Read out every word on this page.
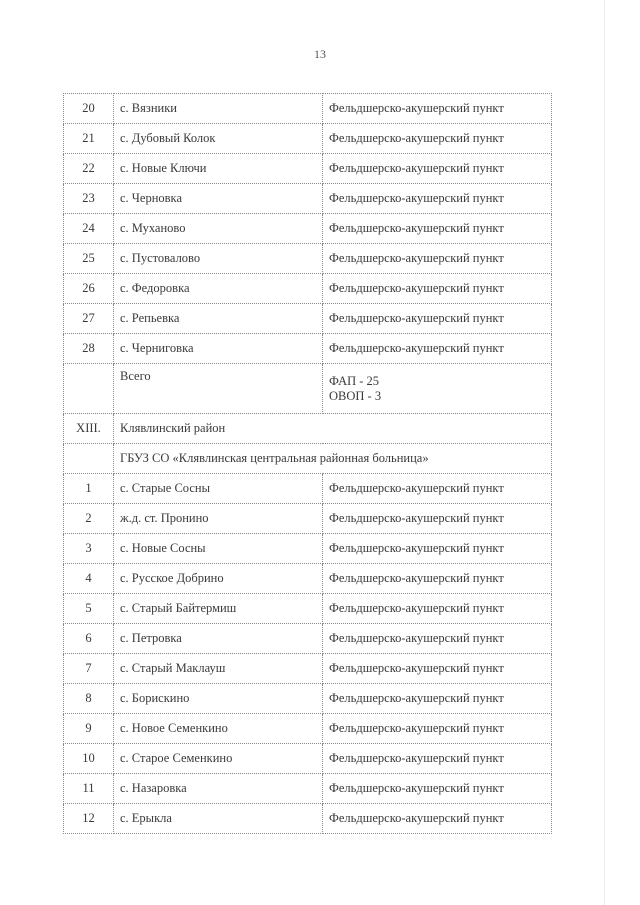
13
20	с. Вязники	Фельдшерско-акушерский пункт
21	с. Дубовый Колок	Фельдшерско-акушерский пункт
22	с. Новые Ключи	Фельдшерско-акушерский пункт
23	с. Черновка	Фельдшерско-акушерский пункт
24	с. Муханово	Фельдшерско-акушерский пункт
25	с. Пустовалово	Фельдшерско-акушерский пункт
26	с. Федоровка	Фельдшерско-акушерский пункт
27	с. Репьевка	Фельдшерско-акушерский пункт
28	с. Черниговка	Фельдшерско-акушерский пункт
	Всего	ФАП - 25
ОВОП - 3

XIII.	Клявлинский район	
	ГБУЗ СО «Клявлинская центральная районная больница»	
1	с. Старые Сосны	Фельдшерско-акушерский пункт
2	ж.д. ст. Пронино	Фельдшерско-акушерский пункт
3	с. Новые Сосны	Фельдшерско-акушерский пункт
4	с. Русское Добрино	Фельдшерско-акушерский пункт
5	с. Старый Байтермиш	Фельдшерско-акушерский пункт
6	с. Петровка	Фельдшерско-акушерский пункт
7	с. Старый Маклауш	Фельдшерско-акушерский пункт
8	с. Борискино	Фельдшерско-акушерский пункт
9	с. Новое Семенкино	Фельдшерско-акушерский пункт
10	с. Старое Семенкино	Фельдшерско-акушерский пункт
11	с. Назаровка	Фельдшерско-акушерский пункт
12	с. Ерыкла	Фельдшерско-акушерский пункт
